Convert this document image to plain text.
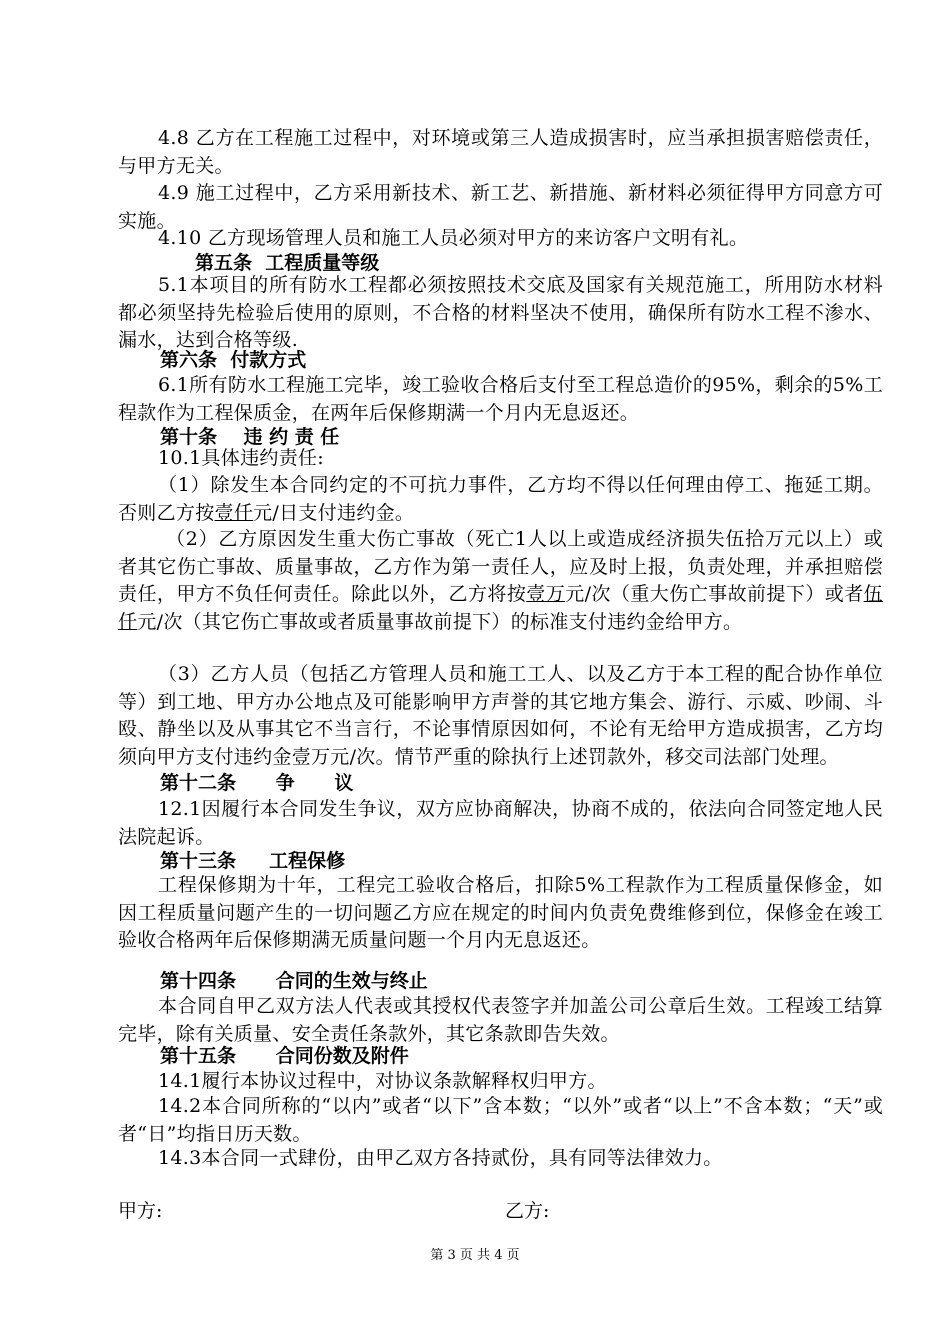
4.8 乙方在工程施工过程中，对环境或第三人造成损害时，应当承担损害赔偿责任，与甲方无关。

4.9 施工过程中，乙方采用新技术、新工艺、新措施、新材料必须征得甲方同意方可实施。

4.10 乙方现场管理人员和施工人员必须对甲方的来访客户文明有礼。

第五条  工程质量等级

5.1本项目的所有防水工程都必须按照技术交底及国家有关规范施工，所用防水材料都必须坚持先检验后使用的原则，不合格的材料坚决不使用，确保所有防水工程不渗水、漏水，达到合格等级.

第六条  付款方式

6.1所有防水工程施工完毕，竣工验收合格后支付至工程总造价的95%，剩余的5%工程款作为工程保质金，在两年后保修期满一个月内无息返还。

第十条    违 约 责 任

10.1具体违约责任:

（1）除发生本合同约定的不可抗力事件，乙方均不得以任何理由停工、拖延工期。否则乙方按壹仟元/日支付违约金。

（2）乙方原因发生重大伤亡事故（死亡1人以上或造成经济损失伍拾万元以上）或者其它伤亡事故、质量事故，乙方作为第一责任人，应及时上报，负责处理，并承担赔偿责任，甲方不负任何责任。除此以外，乙方将按壹万元/次（重大伤亡事故前提下）或者伍仟元/次（其它伤亡事故或者质量事故前提下）的标准支付违约金给甲方。

（3）乙方人员（包括乙方管理人员和施工工人、以及乙方于本工程的配合协作单位等）到工地、甲方办公地点及可能影响甲方声誉的其它地方集会、游行、示威、吵闹、斗殴、静坐以及从事其它不当言行，不论事情原因如何，不论有无给甲方造成损害，乙方均须向甲方支付违约金壹万元/次。情节严重的除执行上述罚款外，移交司法部门处理。

第十二条      争      议

12.1因履行本合同发生争议，双方应协商解决，协商不成的，依法向合同签定地人民法院起诉。

第十三条     工程保修

工程保修期为十年，工程完工验收合格后，扣除5%工程款作为工程质量保修金，如因工程质量问题产生的一切问题乙方应在规定的时间内负责免费维修到位，保修金在竣工验收合格两年后保修期满无质量问题一个月内无息返还。

第十四条      合同的生效与终止

本合同自甲乙双方法人代表或其授权代表签字并加盖公司公章后生效。工程竣工结算完毕，除有关质量、安全责任条款外，其它条款即告失效。

第十五条      合同份数及附件

14.1履行本协议过程中，对协议条款解释权归甲方。

14.2本合同所称的“以内”或者“以下”含本数；“以外”或者“以上”不含本数；“天”或者“日”均指日历天数。

14.3本合同一式肆份，由甲乙双方各持贰份，具有同等法律效力。

甲方:	乙方:

第 3 页 共 4 页
